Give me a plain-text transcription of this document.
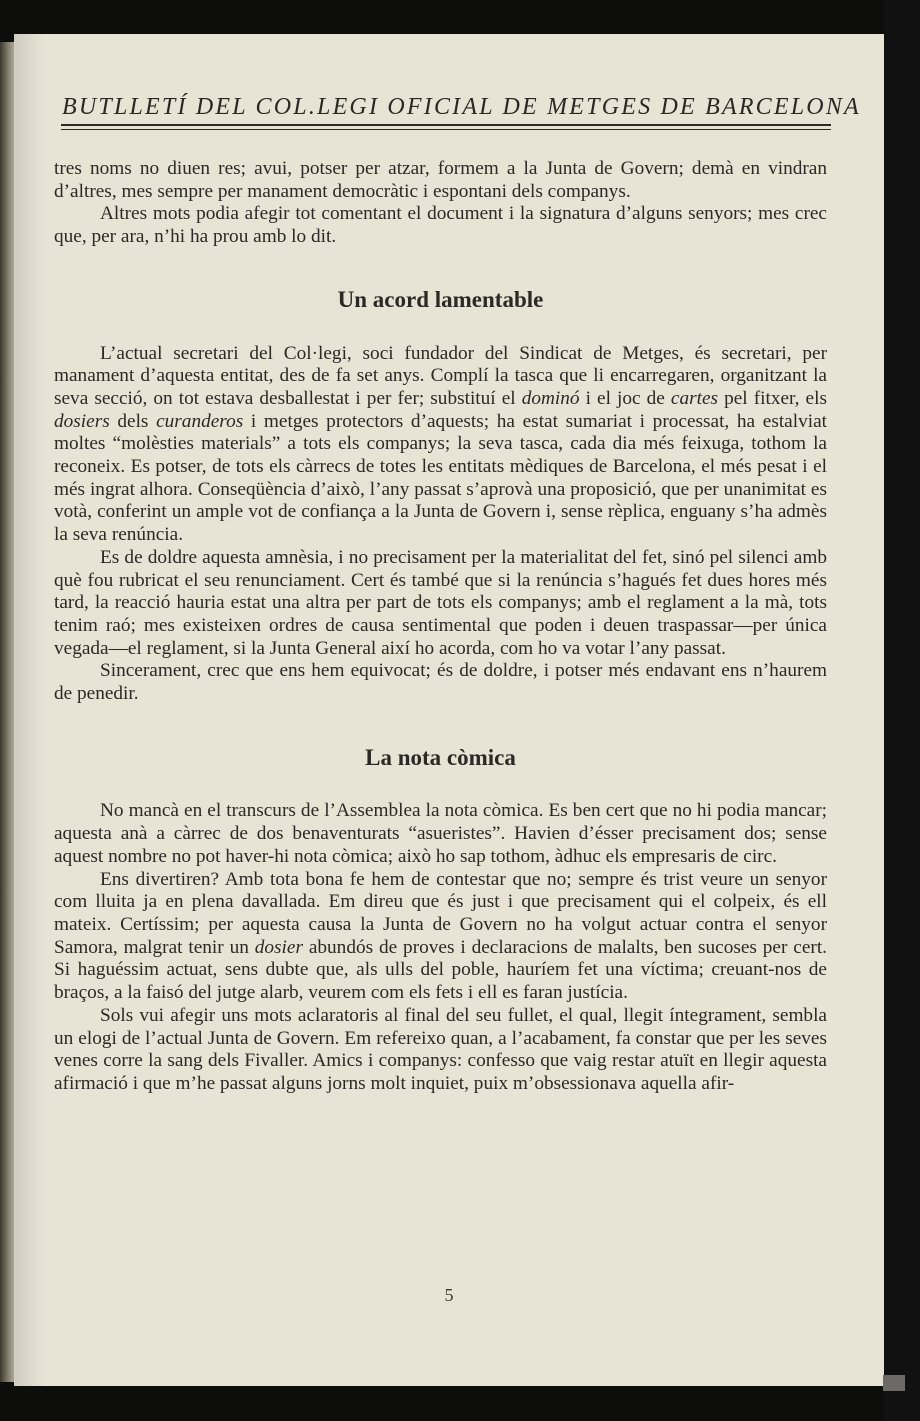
BUTLLETÍ DEL COL.LEGI OFICIAL DE METGES DE BARCELONA

tres noms no diuen res; avui, potser per atzar, formem a la Junta de Govern; demà en vindran d’altres, mes sempre per manament democràtic i espontani dels companys.

Altres mots podia afegir tot comentant el document i la signatura d’alguns senyors; mes crec que, per ara, n’hi ha prou amb lo dit.

Un acord lamentable

L’actual secretari del Col·legi, soci fundador del Sindicat de Metges, és secretari, per manament d’aquesta entitat, des de fa set anys. Complí la tasca que li encarregaren, organitzant la seva secció, on tot estava desballestat i per fer; substituí el dominó i el joc de cartes pel fitxer, els dosiers dels curanderos i metges protectors d’aquests; ha estat sumariat i processat, ha estalviat moltes “molèsties materials” a tots els companys; la seva tasca, cada dia més feixuga, tothom la reconeix. Es potser, de tots els càrrecs de totes les entitats mèdiques de Barcelona, el més pesat i el més ingrat alhora. Conseqüència d’això, l’any passat s’aprovà una proposició, que per unanimitat es votà, conferint un ample vot de confiança a la Junta de Govern i, sense rèplica, enguany s’ha admès la seva renúncia.

Es de doldre aquesta amnèsia, i no precisament per la materialitat del fet, sinó pel silenci amb què fou rubricat el seu renunciament. Cert és també que si la renúncia s’hagués fet dues hores més tard, la reacció hauria estat una altra per part de tots els companys; amb el reglament a la mà, tots tenim raó; mes existeixen ordres de causa sentimental que poden i deuen traspassar—per única vegada—el reglament, si la Junta General així ho acorda, com ho va votar l’any passat.

Sincerament, crec que ens hem equivocat; és de doldre, i potser més endavant ens n’haurem de penedir.

La nota còmica

No mancà en el transcurs de l’Assemblea la nota còmica. Es ben cert que no hi podia mancar; aquesta anà a càrrec de dos benaventurats “asueristes”. Havien d’ésser precisament dos; sense aquest nombre no pot haver-hi nota còmica; això ho sap tothom, àdhuc els empresaris de circ.

Ens divertiren? Amb tota bona fe hem de contestar que no; sempre és trist veure un senyor com lluita ja en plena davallada. Em direu que és just i que precisament qui el colpeix, és ell mateix. Certíssim; per aquesta causa la Junta de Govern no ha volgut actuar contra el senyor Samora, malgrat tenir un dosier abundós de proves i declaracions de malalts, ben sucoses per cert. Si haguéssim actuat, sens dubte que, als ulls del poble, hauríem fet una víctima; creuant-nos de braços, a la faisó del jutge alarb, veurem com els fets i ell es faran justícia.

Sols vui afegir uns mots aclaratoris al final del seu fullet, el qual, llegit íntegrament, sembla un elogi de l’actual Junta de Govern. Em refereixo quan, a l’acabament, fa constar que per les seves venes corre la sang dels Fivaller. Amics i companys: confesso que vaig restar atuït en llegir aquesta afirmació i que m’he passat alguns jorns molt inquiet, puix m’obsessionava aquella afir-

5
